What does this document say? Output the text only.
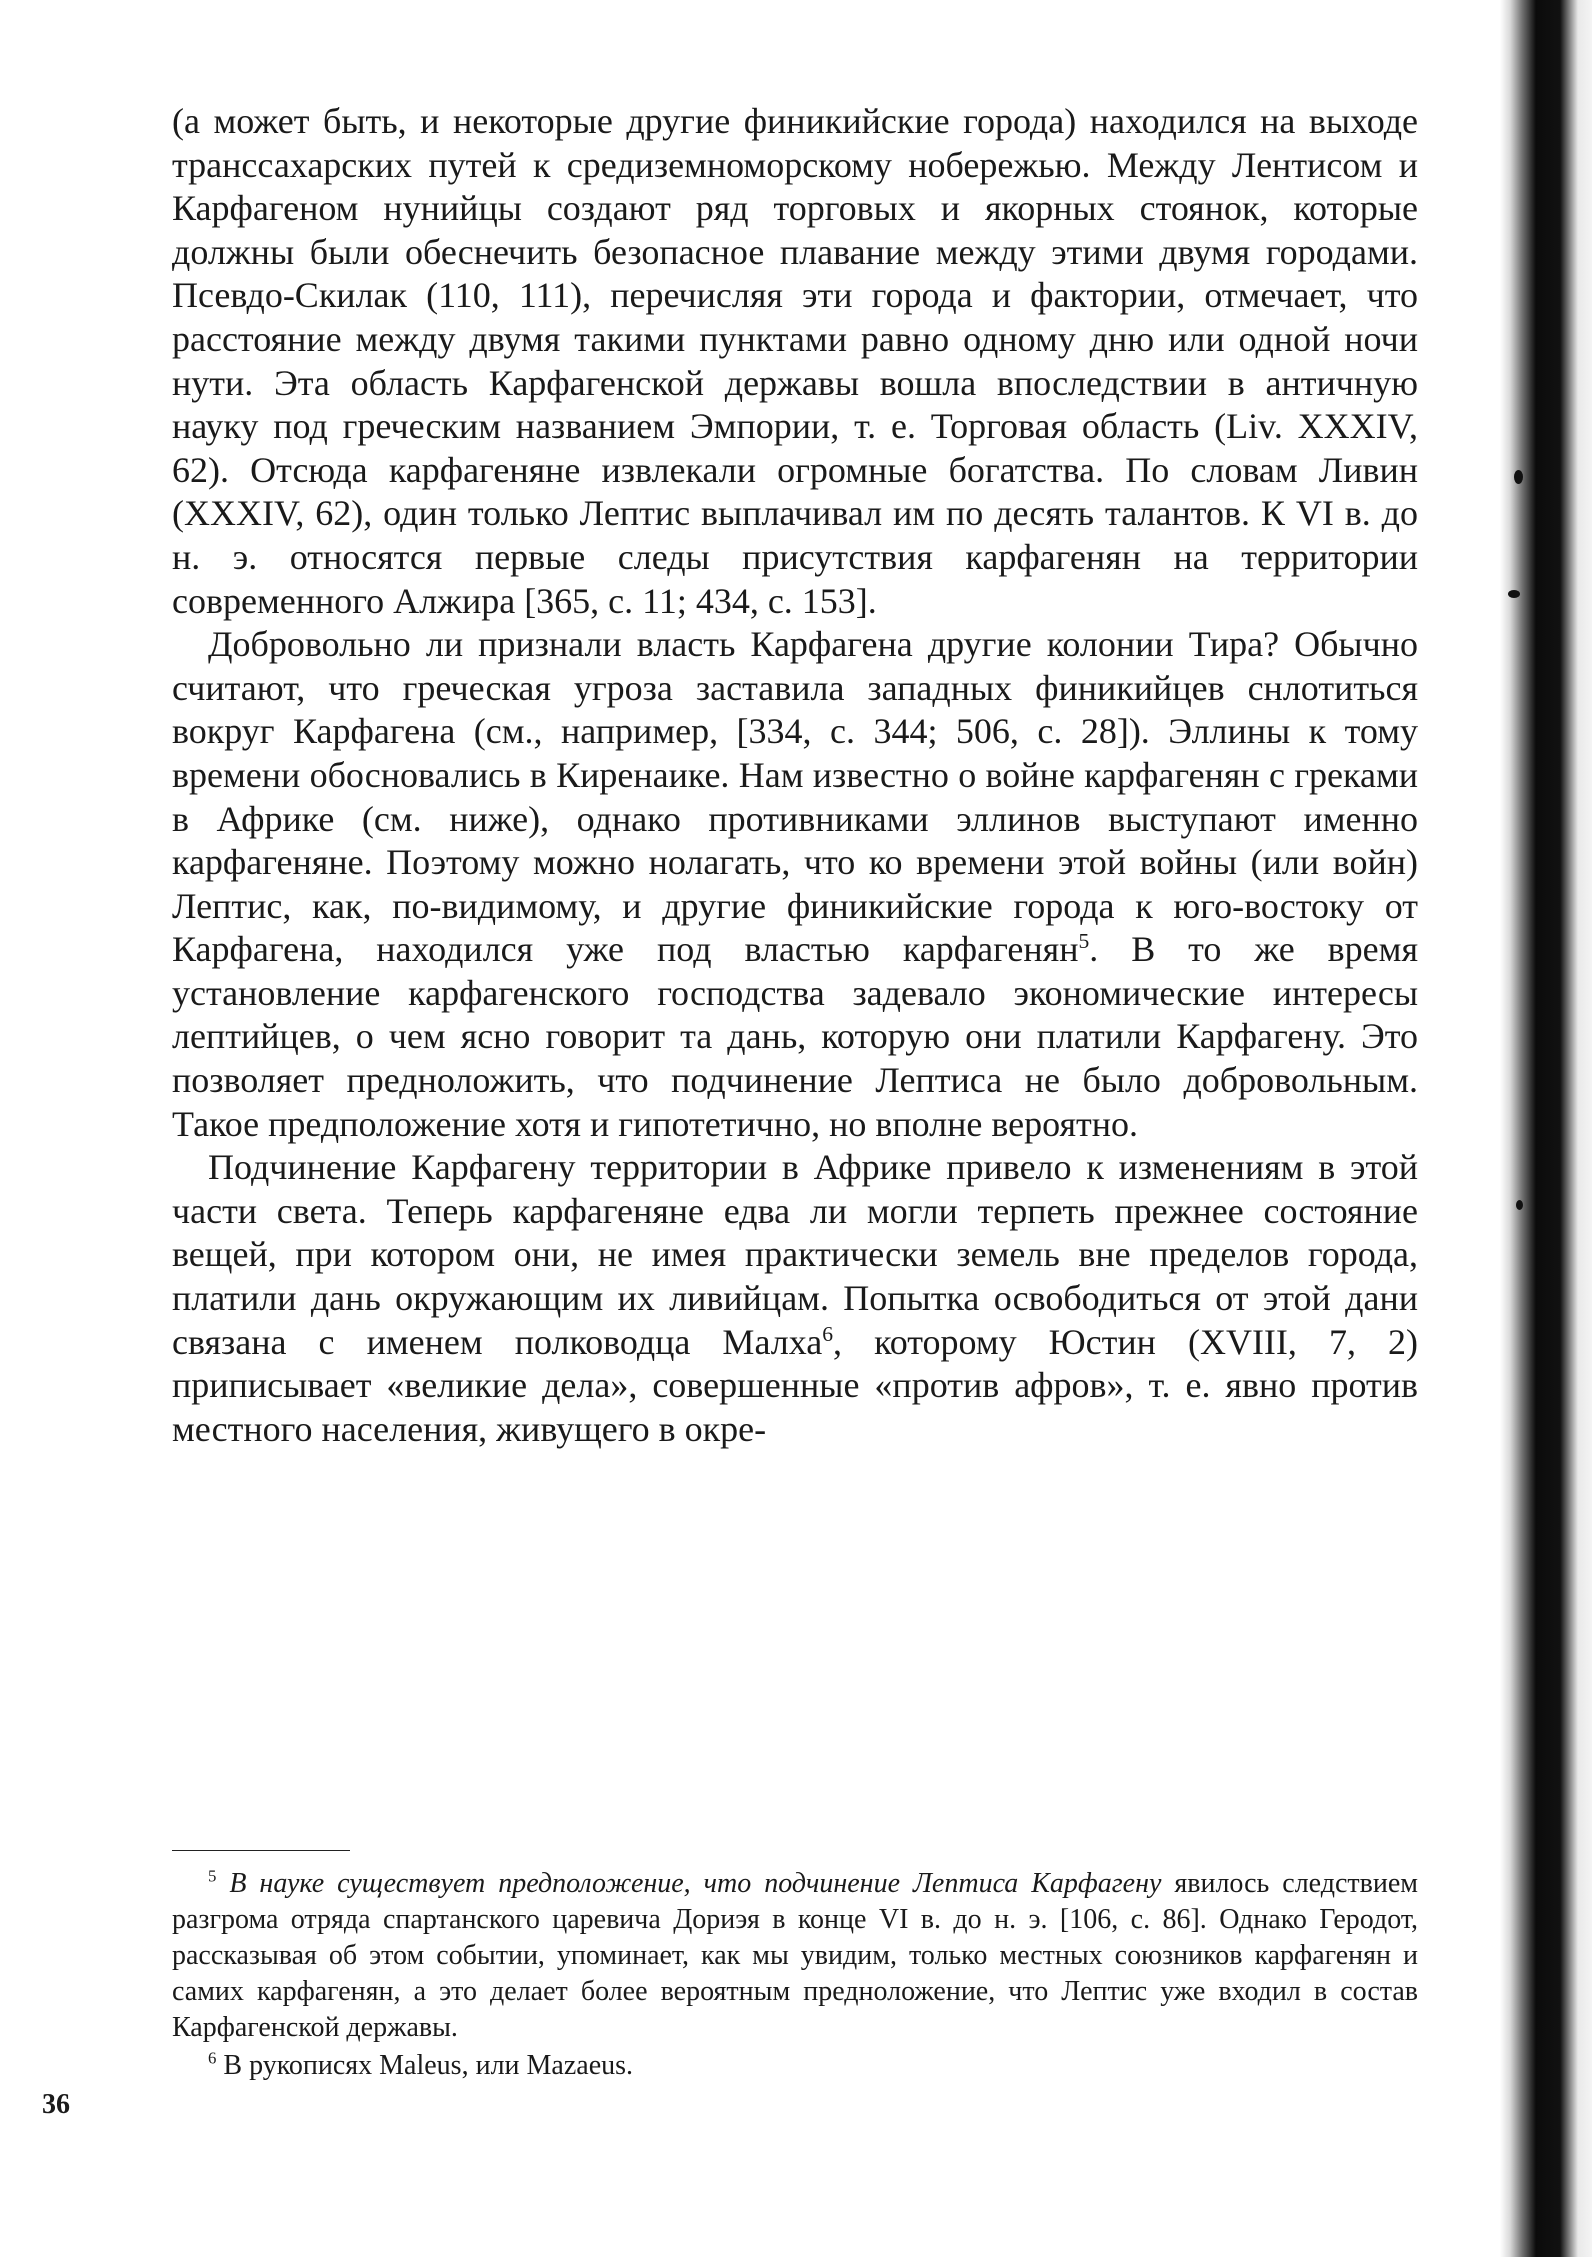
(а может быть, и некоторые другие финикийские города) находился на выходе транссахарских путей к средиземноморскому нобережью. Между Лентисом и Карфагеном нунийцы создают ряд торговых и якорных стоянок, которые должны были обеснечить безопасное плавание между этими двумя городами. Псевдо-Скилак (110, 111), перечисляя эти города и фактории, отмечает, что расстояние между двумя такими пунктами равно одному дню или одной ночи нути. Эта область Карфагенской державы вошла впоследствии в античную науку под греческим названием Эмпории, т. е. Торговая область (Liv. XXXIV, 62). Отсюда карфагеняне извлекали огромные богатства. По словам Ливин (XXXIV, 62), один только Лептис выплачивал им по десять талантов. К VI в. до н. э. относятся первые следы присутствия карфагенян на территории современного Алжира [365, с. 11; 434, с. 153].

Добровольно ли признали власть Карфагена другие колонии Тира? Обычно считают, что греческая угроза заставила западных финикийцев снлотиться вокруг Карфагена (см., например, [334, с. 344; 506, с. 28]). Эллины к тому времени обосновались в Киренаике. Нам известно о войне карфагенян с греками в Африке (см. ниже), однако противниками эллинов выступают именно карфагеняне. Поэтому можно нолагать, что ко времени этой войны (или войн) Лептис, как, по-видимому, и другие финикийские города к юго-востоку от Карфагена, находился уже под властью карфагенян$^5$. В то же время установление карфагенского господства задевало экономические интересы лептийцев, о чем ясно говорит та дань, которую они платили Карфагену. Это позволяет предноложить, что подчинение Лептиса не было добровольным. Такое предположение хотя и гипотетично, но вполне вероятно.

Подчинение Карфагену территории в Африке привело к изменениям в этой части света. Теперь карфагеняне едва ли могли терпеть прежнее состояние вещей, при котором они, не имея практически земель вне пределов города, платили дань окружающим их ливийцам. Попытка освободиться от этой дани связана с именем полководца Малха$^6$, которому Юстин (XVIII, 7, 2) приписывает «великие дела», совершенные «против афров», т. е. явно против местного населения, живущего в окре-

$^5$ В науке существует предположение, что подчинение Лептиса Карфагену явилось следствием разгрома отряда спартанского царевича Дориэя в конце VI в. до н. э. [106, с. 86]. Однако Геродот, рассказывая об этом событии, упоминает, как мы увидим, только местных союзников карфагенян и самих карфагенян, а это делает более вероятным предноложение, что Лептис уже входил в состав Карфагенской державы.

$^6$ В рукописях Maleus, или Mazaeus.

36
